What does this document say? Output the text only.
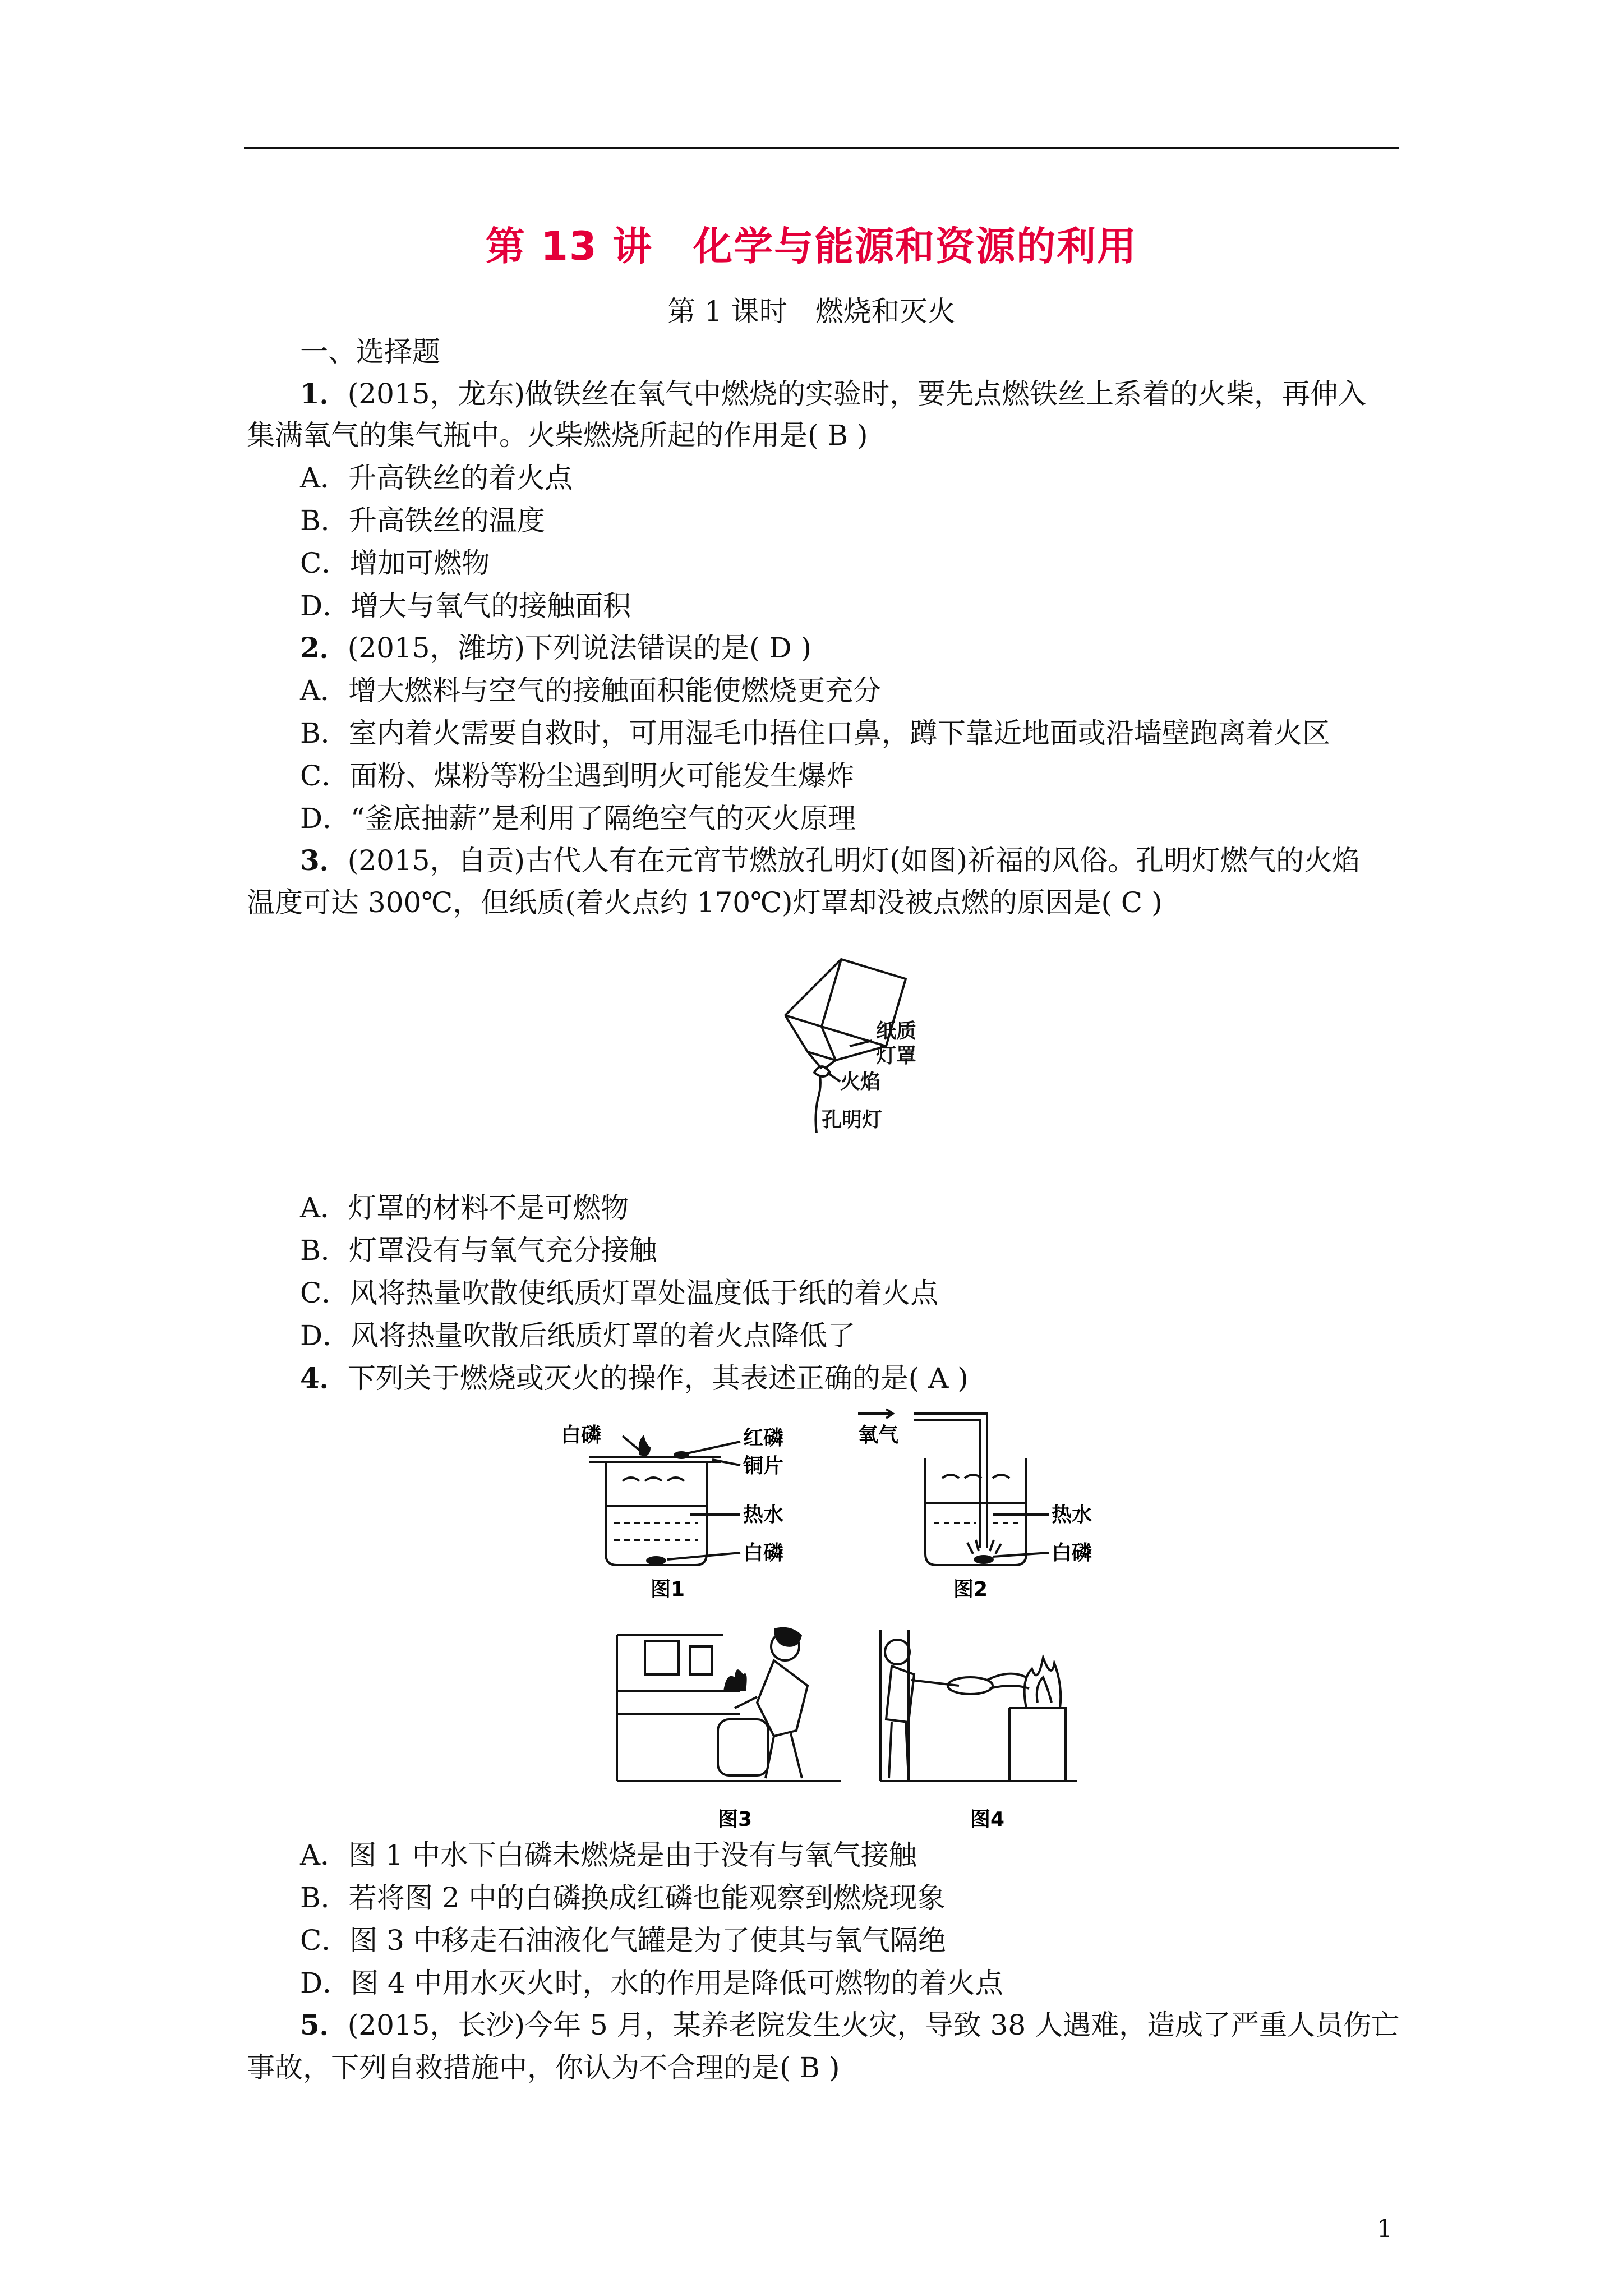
第 13 讲　化学与能源和资源的利用
第 1 课时　燃烧和灭火
一、选择题
1．(2015，龙东)做铁丝在氧气中燃烧的实验时，要先点燃铁丝上系着的火柴，再伸入
集满氧气的集气瓶中。火柴燃烧所起的作用是( B )
A．升高铁丝的着火点
B．升高铁丝的温度
C．增加可燃物
D．增大与氧气的接触面积
2．(2015，潍坊)下列说法错误的是( D )
A．增大燃料与空气的接触面积能使燃烧更充分
B．室内着火需要自救时，可用湿毛巾捂住口鼻，蹲下靠近地面或沿墙壁跑离着火区
C．面粉、煤粉等粉尘遇到明火可能发生爆炸
D．“釜底抽薪”是利用了隔绝空气的灭火原理
3．(2015，自贡)古代人有在元宵节燃放孔明灯(如图)祈福的风俗。孔明灯燃气的火焰
温度可达 300℃，但纸质(着火点约 170℃)灯罩却没被点燃的原因是( C )
纸质
灯罩
火焰
孔明灯
A．灯罩的材料不是可燃物
B．灯罩没有与氧气充分接触
C．风将热量吹散使纸质灯罩处温度低于纸的着火点
D．风将热量吹散后纸质灯罩的着火点降低了
4．下列关于燃烧或灭火的操作，其表述正确的是( A )
白磷	红磷
铜片
热水
白磷
图1
氧气
热水
白磷
图2
图3	图4
A．图 1 中水下白磷未燃烧是由于没有与氧气接触
B．若将图 2 中的白磷换成红磷也能观察到燃烧现象
C．图 3 中移走石油液化气罐是为了使其与氧气隔绝
D．图 4 中用水灭火时，水的作用是降低可燃物的着火点
5．(2015，长沙)今年 5 月，某养老院发生火灾，导致 38 人遇难，造成了严重人员伤亡
事故，下列自救措施中，你认为不合理的是( B )
1
